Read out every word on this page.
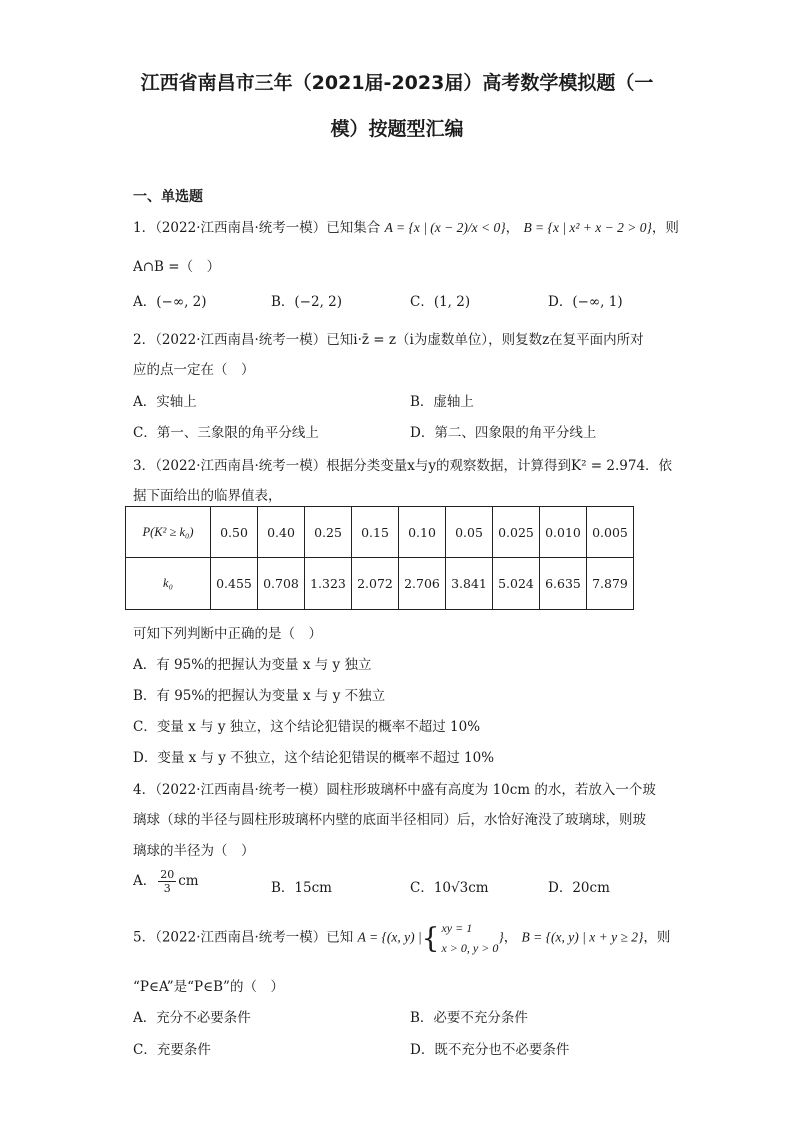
江西省南昌市三年（2021届-2023届）高考数学模拟题（一
模）按题型汇编
一、单选题
1．（2022·江西南昌·统考一模）已知集合 A = {x | (x − 2)/x < 0}， B = {x | x² + x − 2 > 0}，则
A∩B =（　）
A．(−∞, 2)	B．(−2, 2)	C．(1, 2)	D．(−∞, 1)
2．（2022·江西南昌·统考一模）已知i·z̄ = z（i为虚数单位），则复数z在复平面内所对
应的点一定在（　）
A．实轴上	B．虚轴上
C．第一、三象限的角平分线上	D．第二、四象限的角平分线上
3．（2022·江西南昌·统考一模）根据分类变量x与y的观察数据，计算得到K² = 2.974．依
据下面给出的临界值表，
P(K² ≥ k₀)	0.50	0.40	0.25	0.15	0.10	0.05	0.025	0.010	0.005
k₀	0.455	0.708	1.323	2.072	2.706	3.841	5.024	6.635	7.879
可知下列判断中正确的是（　）
A．有 95%的把握认为变量 x 与 y 独立
B．有 95%的把握认为变量 x 与 y 不独立
C．变量 x 与 y 独立，这个结论犯错误的概率不超过 10%
D．变量 x 与 y 不独立，这个结论犯错误的概率不超过 10%
4．（2022·江西南昌·统考一模）圆柱形玻璃杯中盛有高度为 10cm 的水，若放入一个玻
璃球（球的半径与圆柱形玻璃杯内壁的底面半径相同）后，水恰好淹没了玻璃球，则玻
璃球的半径为（　）
A． $\frac{20}{3}$ cm	B．15cm	C．10√3cm	D．20cm
5．（2022·江西南昌·统考一模）已知 A = {(x, y) |{ xy = 1
x > 0, y > 0
}， B = {(x, y) | x + y ≥ 2}，则
“P∈A”是“P∈B”的（　）
A．充分不必要条件	B．必要不充分条件
C．充要条件	D．既不充分也不必要条件
